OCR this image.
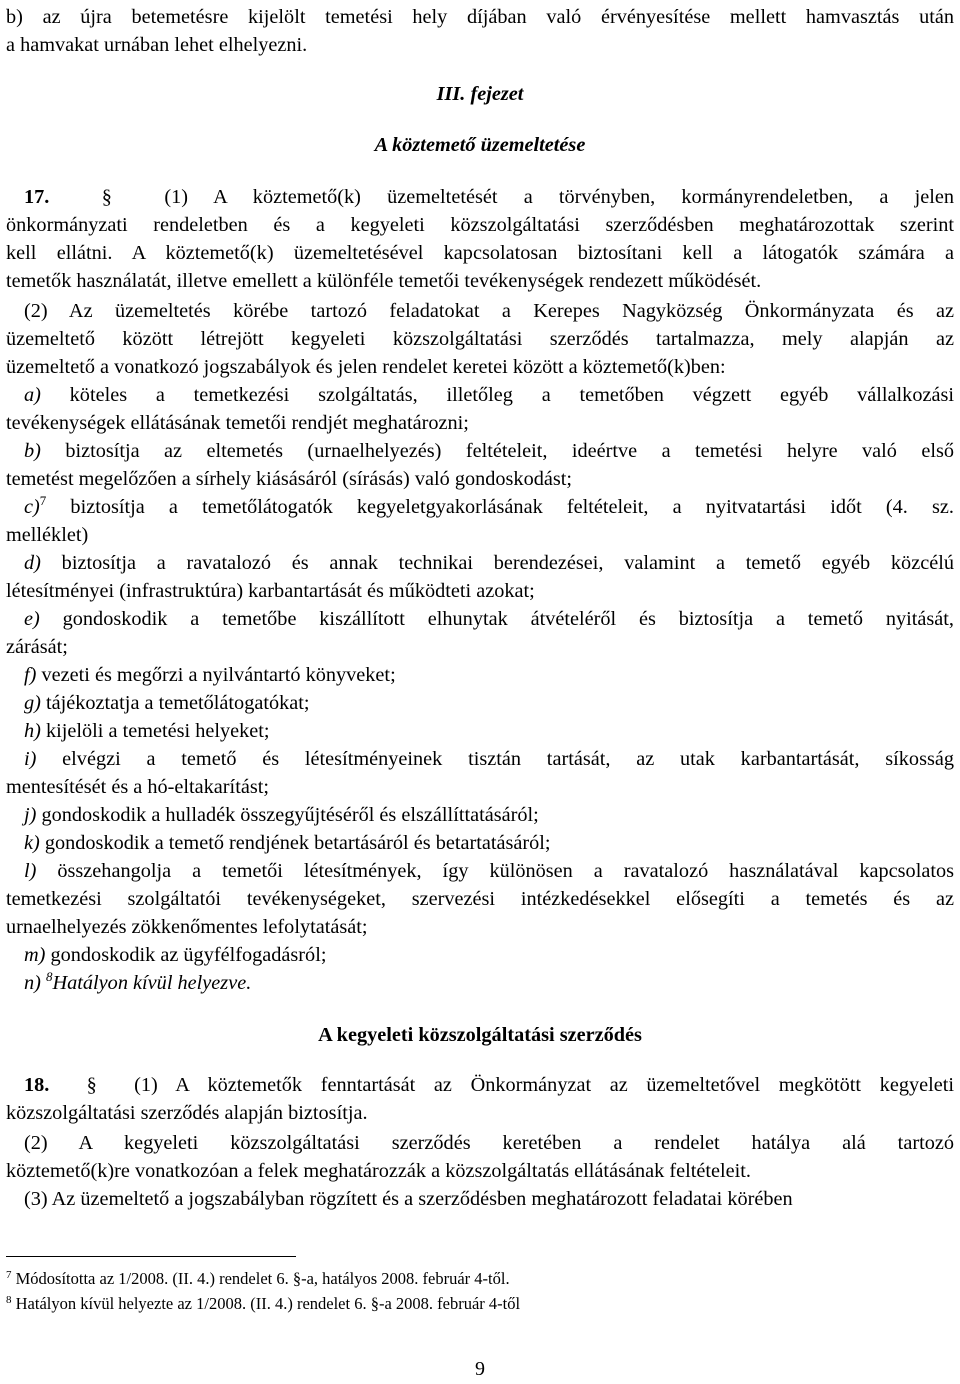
b) az újra betemetésre kijelölt temetési hely díjában való érvényesítése mellett hamvasztás után
a hamvakat urnában lehet elhelyezni.
III. fejezet
A köztemető üzemeltetése
17.  §  (1) A köztemető(k) üzemeltetését a törvényben, kormányrendeletben, a jelen
önkormányzati rendeletben és a kegyeleti közszolgáltatási szerződésben meghatározottak szerint
kell ellátni. A köztemető(k) üzemeltetésével kapcsolatosan biztosítani kell a látogatók számára a
temetők használatát, illetve emellett a különféle temetői tevékenységek rendezett működését.
(2) Az üzemeltetés körébe tartozó feladatokat a Kerepes Nagyközség Önkormányzata és az
üzemeltető között létrejött kegyeleti közszolgáltatási szerződés tartalmazza, mely alapján az
üzemeltető a vonatkozó jogszabályok és jelen rendelet keretei között a köztemető(k)ben:
a) köteles a temetkezési szolgáltatás, illetőleg a temetőben végzett egyéb vállalkozási
tevékenységek ellátásának temetői rendjét meghatározni;
b) biztosítja az eltemetés (urnaelhelyezés) feltételeit, ideértve a temetési helyre való első
temetést megelőzően a sírhely kiásásáról (sírásás) való gondoskodást;
c)$^7$ biztosítja a temetőlátogatók kegyeletgyakorlásának feltételeit, a nyitvatartási időt (4. sz.
melléklet)
d) biztosítja a ravatalozó és annak technikai berendezései, valamint a temető egyéb közcélú
létesítményei (infrastruktúra) karbantartását és működteti azokat;
e) gondoskodik a temetőbe kiszállított elhunytak átvételéről és biztosítja a temető nyitását,
zárását;
f) vezeti és megőrzi a nyilvántartó könyveket;
g) tájékoztatja a temetőlátogatókat;
h) kijelöli a temetési helyeket;
i) elvégzi a temető és létesítményeinek tisztán tartását, az utak karbantartását, síkosság
mentesítését és a hó-eltakarítást;
j) gondoskodik a hulladék összegyűjtéséről és elszállíttatásáról;
k) gondoskodik a temető rendjének betartásáról és betartatásáról;
l) összehangolja a temetői létesítmények, így különösen a ravatalozó használatával kapcsolatos
temetkezési szolgáltatói tevékenységeket, szervezési intézkedésekkel elősegíti a temetés és az
urnaelhelyezés zökkenőmentes lefolytatását;
m) gondoskodik az ügyfélfogadásról;
n) $^8$Hatályon kívül helyezve.
A kegyeleti közszolgáltatási szerződés
18.  §  (1) A köztemetők fenntartását az Önkormányzat az üzemeltetővel megkötött kegyeleti
közszolgáltatási szerződés alapján biztosítja.
(2) A kegyeleti közszolgáltatási szerződés keretében a rendelet hatálya alá tartozó
köztemető(k)re vonatkozóan a felek meghatározzák a közszolgáltatás ellátásának feltételeit.
(3) Az üzemeltető a jogszabályban rögzített és a szerződésben meghatározott feladatai körében
$^7$ Módosította az 1/2008. (II. 4.) rendelet 6. §-a, hatályos 2008. február 4-től.
$^8$ Hatályon kívül helyezte az 1/2008. (II. 4.) rendelet 6. §-a 2008. február 4-től
9
